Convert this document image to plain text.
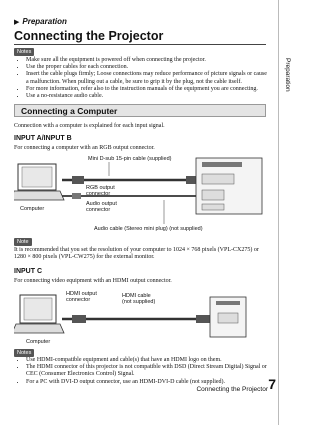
▶ Preparation
Connecting the Projector
Preparation
Notes
• Make sure all the equipment is powered off when connecting the projector.
• Use the proper cables for each connection.
• Insert the cable plugs firmly; Loose connections may reduce performance of picture signals or cause a malfunction. When pulling out a cable, be sure to grip it by the plug, not the cable itself.
• For more information, refer also to the instruction manuals of the equipment you are connecting.
• Use a no-resistance audio cable.
Connecting a Computer
Connection with a computer is explained for each input signal.
INPUT A/INPUT B
For connecting a computer with an RGB output connector.
Computer
Mini D-sub 15-pin cable (supplied)
RGB output connector
Audio output connector
Audio cable (Stereo mini plug) (not supplied)
Note
It is recommended that you set the resolution of your computer to 1024 × 768 pixels (VPL-CX275) or 1280 × 800 pixels (VPL-CW275) for the external monitor.
INPUT C
For connecting video equipment with an HDMI output connector.
Computer
HDMI output connector
HDMI cable (not supplied)
Notes
• Use HDMI-compatible equipment and cable(s) that have an HDMI logo on them.
• The HDMI connector of this projector is not compatible with DSD (Direct Stream Digital) Signal or CEC (Consumer Electronics Control) Signal.
• For a PC with DVI-D output connector, use an HDMI-DVI-D cable (not supplied).
Connecting the Projector 7
